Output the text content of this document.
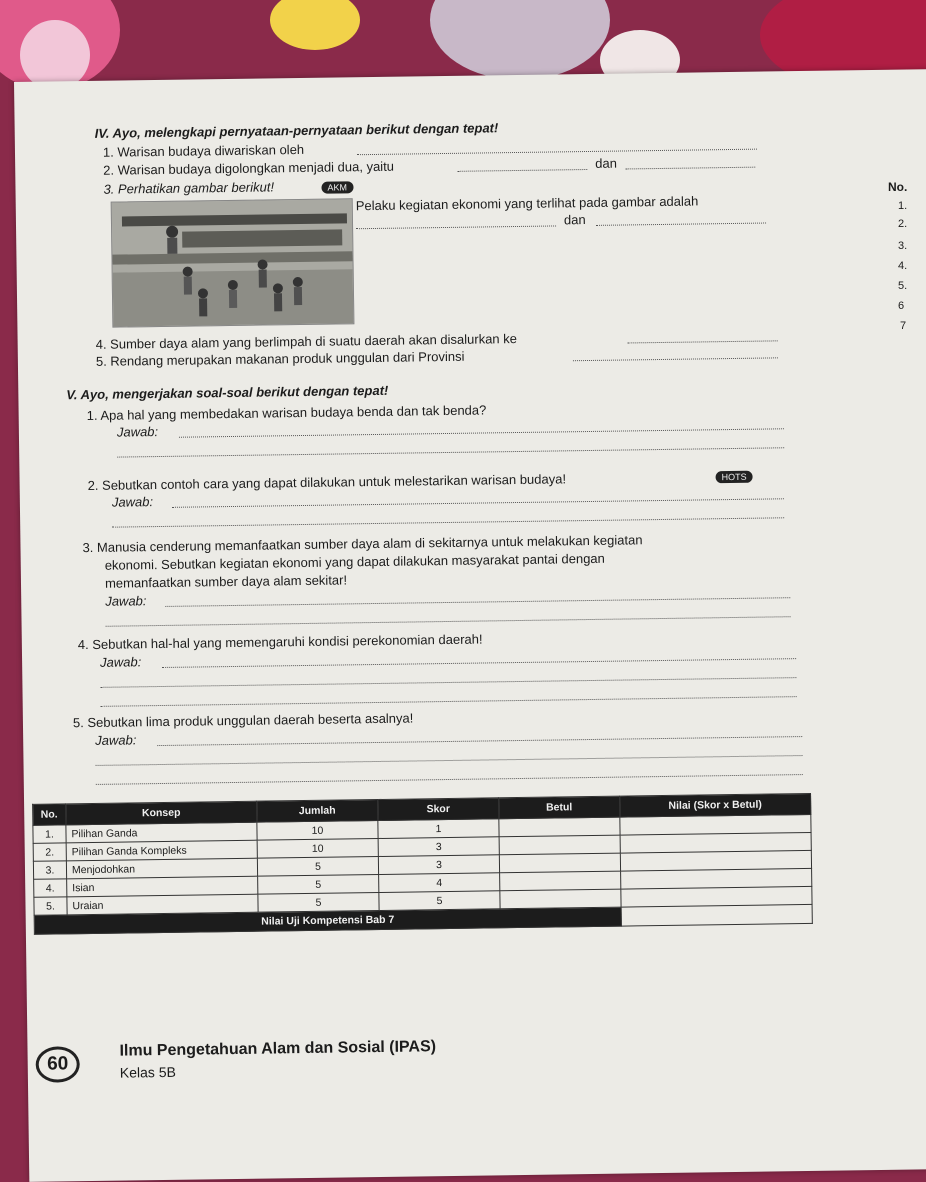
IV. Ayo, melengkapi pernyataan-pernyataan berikut dengan tepat!
1. Warisan budaya diwariskan oleh
2. Warisan budaya digolongkan menjadi dua, yaitu	dan
3. Perhatikan gambar berikut!	AKM
Pelaku kegiatan ekonomi yang terlihat pada gambar adalah
dan
4. Sumber daya alam yang berlimpah di suatu daerah akan disalurkan ke
5. Rendang merupakan makanan produk unggulan dari Provinsi
V. Ayo, mengerjakan soal-soal berikut dengan tepat!
1. Apa hal yang membedakan warisan budaya benda dan tak benda?
Jawab:
2. Sebutkan contoh cara yang dapat dilakukan untuk melestarikan warisan budaya!	HOTS
Jawab:
3. Manusia cenderung memanfaatkan sumber daya alam di sekitarnya untuk melakukan kegiatan
ekonomi. Sebutkan kegiatan ekonomi yang dapat dilakukan masyarakat pantai dengan
memanfaatkan sumber daya alam sekitar!
Jawab:
4. Sebutkan hal-hal yang memengaruhi kondisi perekonomian daerah!
Jawab:
5. Sebutkan lima produk unggulan daerah beserta asalnya!
Jawab:
No.	Konsep	Jumlah	Skor	Betul	Nilai (Skor x Betul)
1.	Pilihan Ganda	10	1		
2.	Pilihan Ganda Kompleks	10	3		
3.	Menjodohkan	5	3		
4.	Isian	5	4		
5.	Uraian	5	5		
Nilai Uji Kompetensi Bab 7					
60
Ilmu Pengetahuan Alam dan Sosial (IPAS)
Kelas 5B
No.
1.
2.
3.
4.
5.
6
7
